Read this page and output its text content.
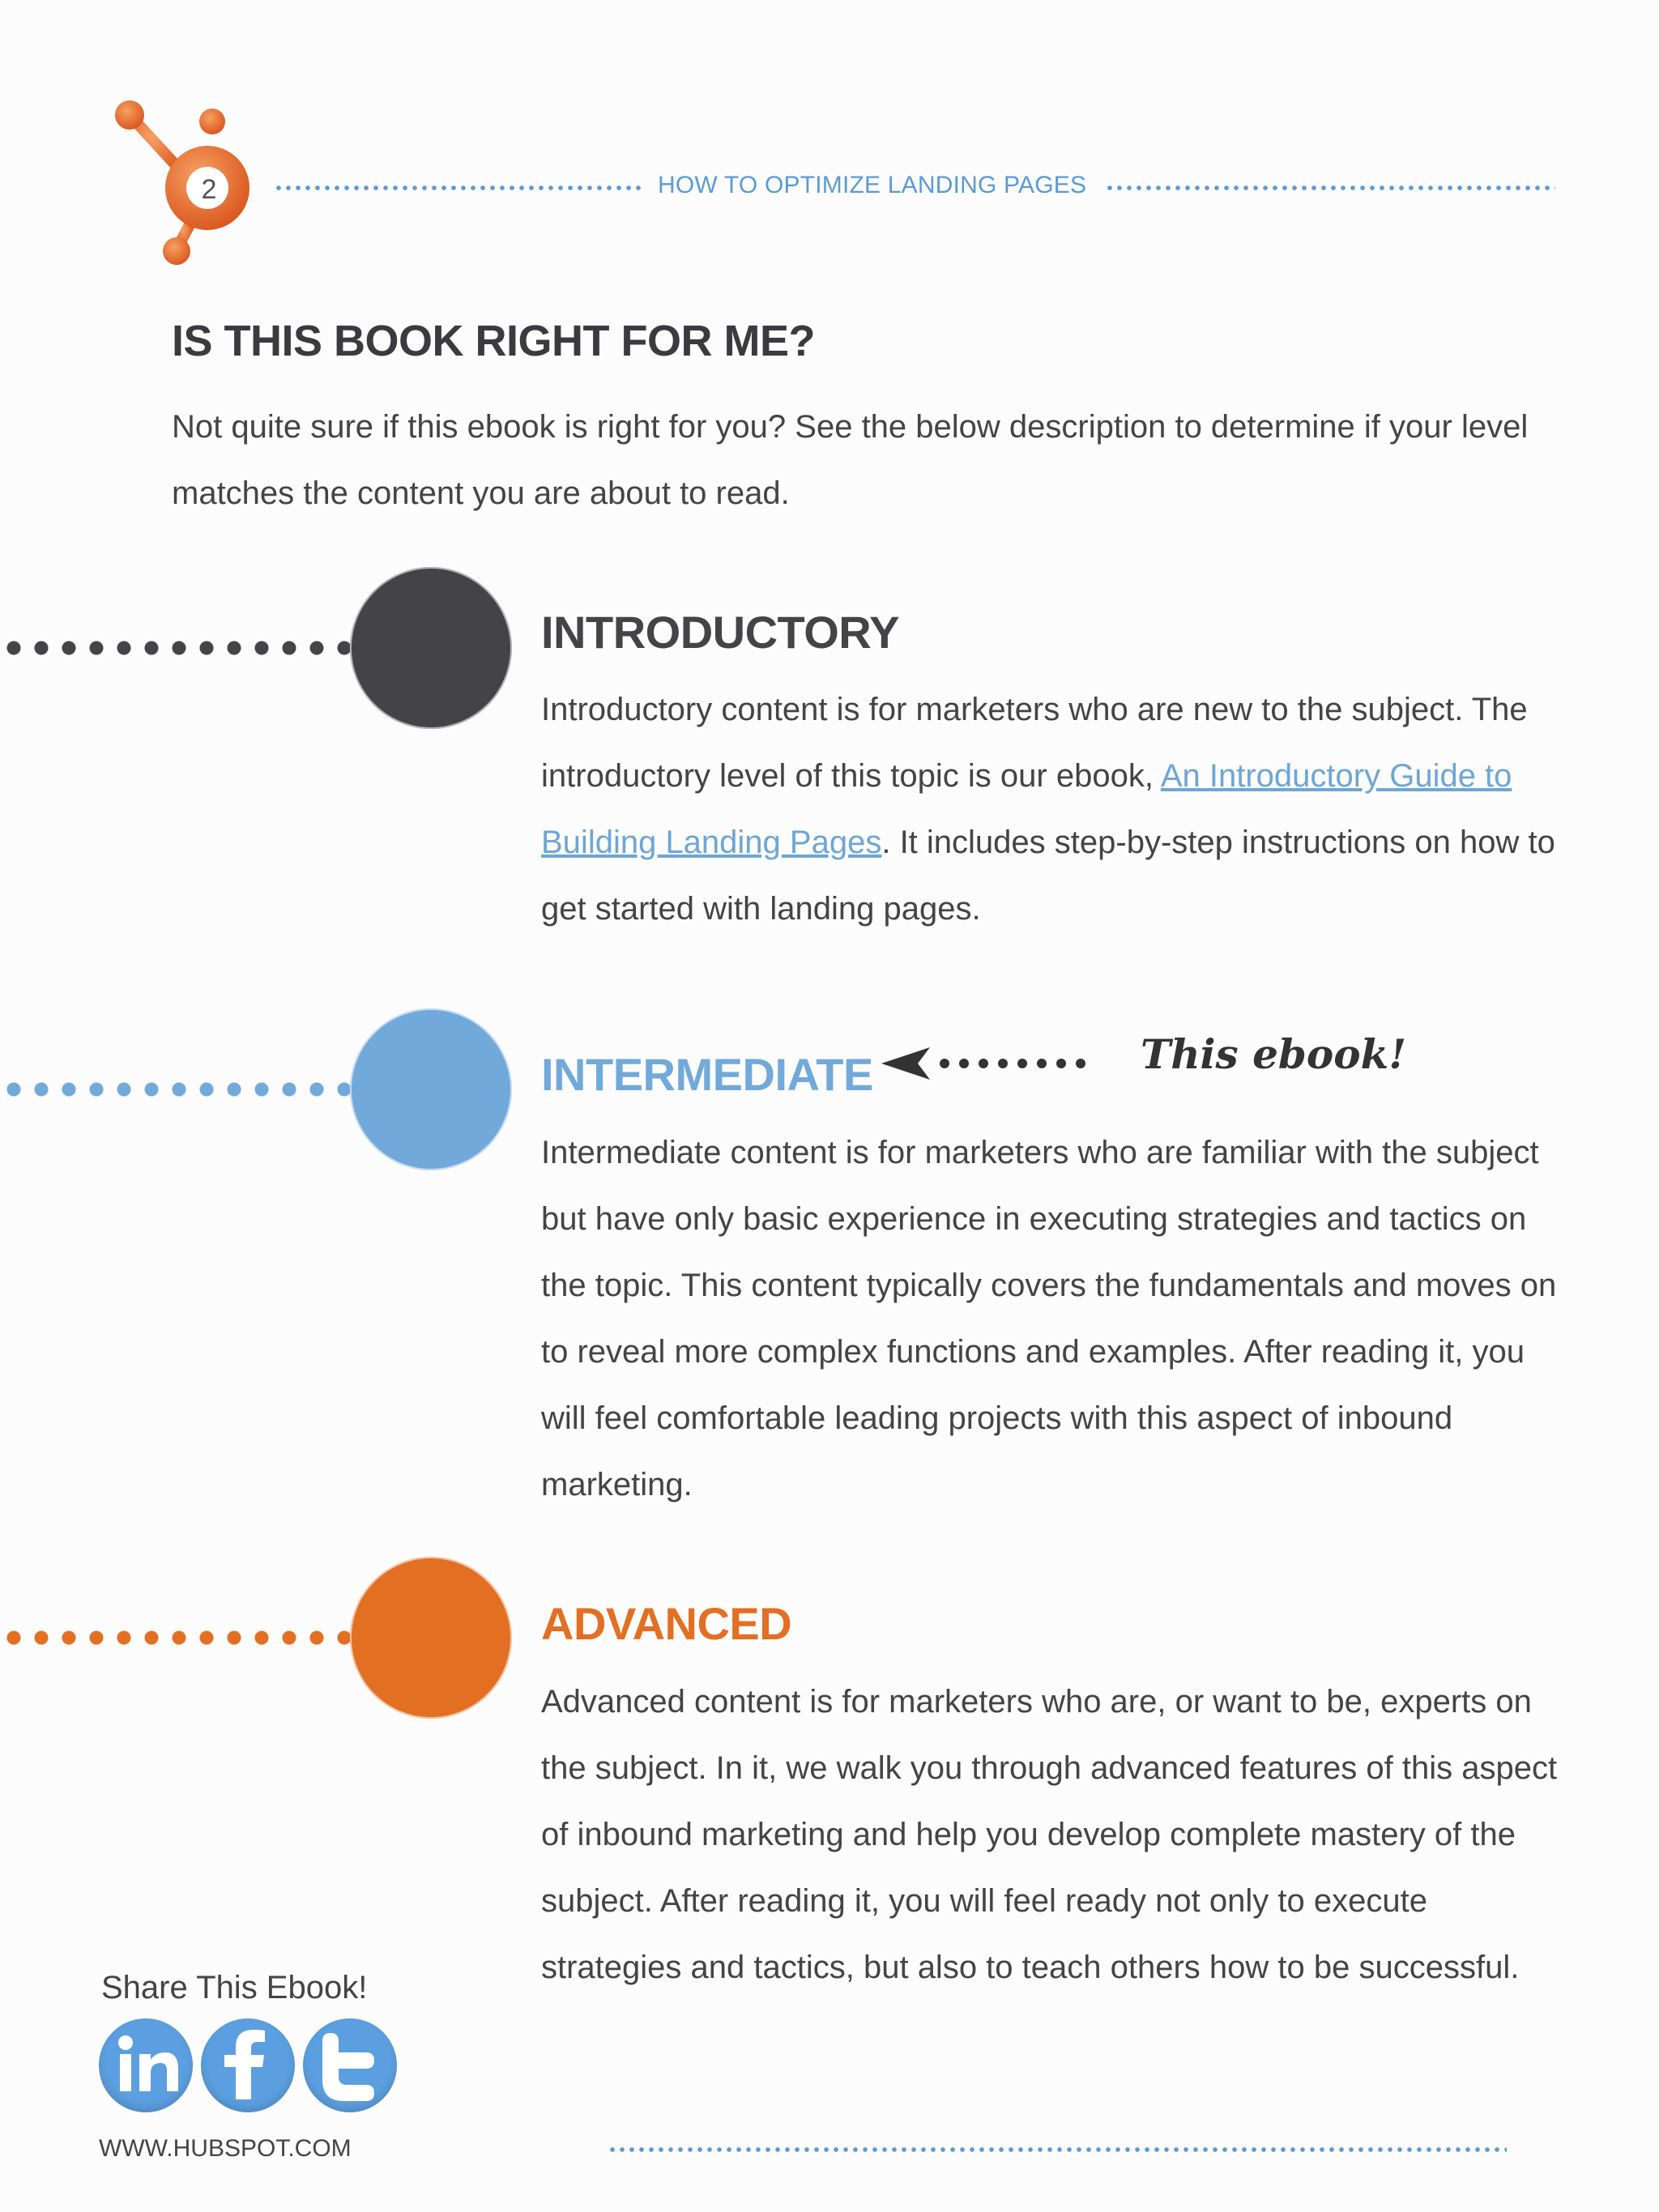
2	HOW TO OPTIMIZE LANDING PAGES
IS THIS BOOK RIGHT FOR ME?
Not quite sure if this ebook is right for you? See the below description to determine if your level matches the content you are about to read.
INTRODUCTORY
Introductory content is for marketers who are new to the subject. The introductory level of this topic is our ebook, An Introductory Guide to Building Landing Pages. It includes step-by-step instructions on how to get started with landing pages.
INTERMEDIATE	This ebook!
Intermediate content is for marketers who are familiar with the subject but have only basic experience in executing strategies and tactics on the topic. This content typically covers the fundamentals and moves on to reveal more complex functions and examples. After reading it, you will feel comfortable leading projects with this aspect of inbound marketing.
ADVANCED
Advanced content is for marketers who are, or want to be, experts on the subject. In it, we walk you through advanced features of this aspect of inbound marketing and help you develop complete mastery of the subject. After reading it, you will feel ready not only to execute strategies and tactics, but also to teach others how to be successful.
Share This Ebook!
WWW.HUBSPOT.COM
